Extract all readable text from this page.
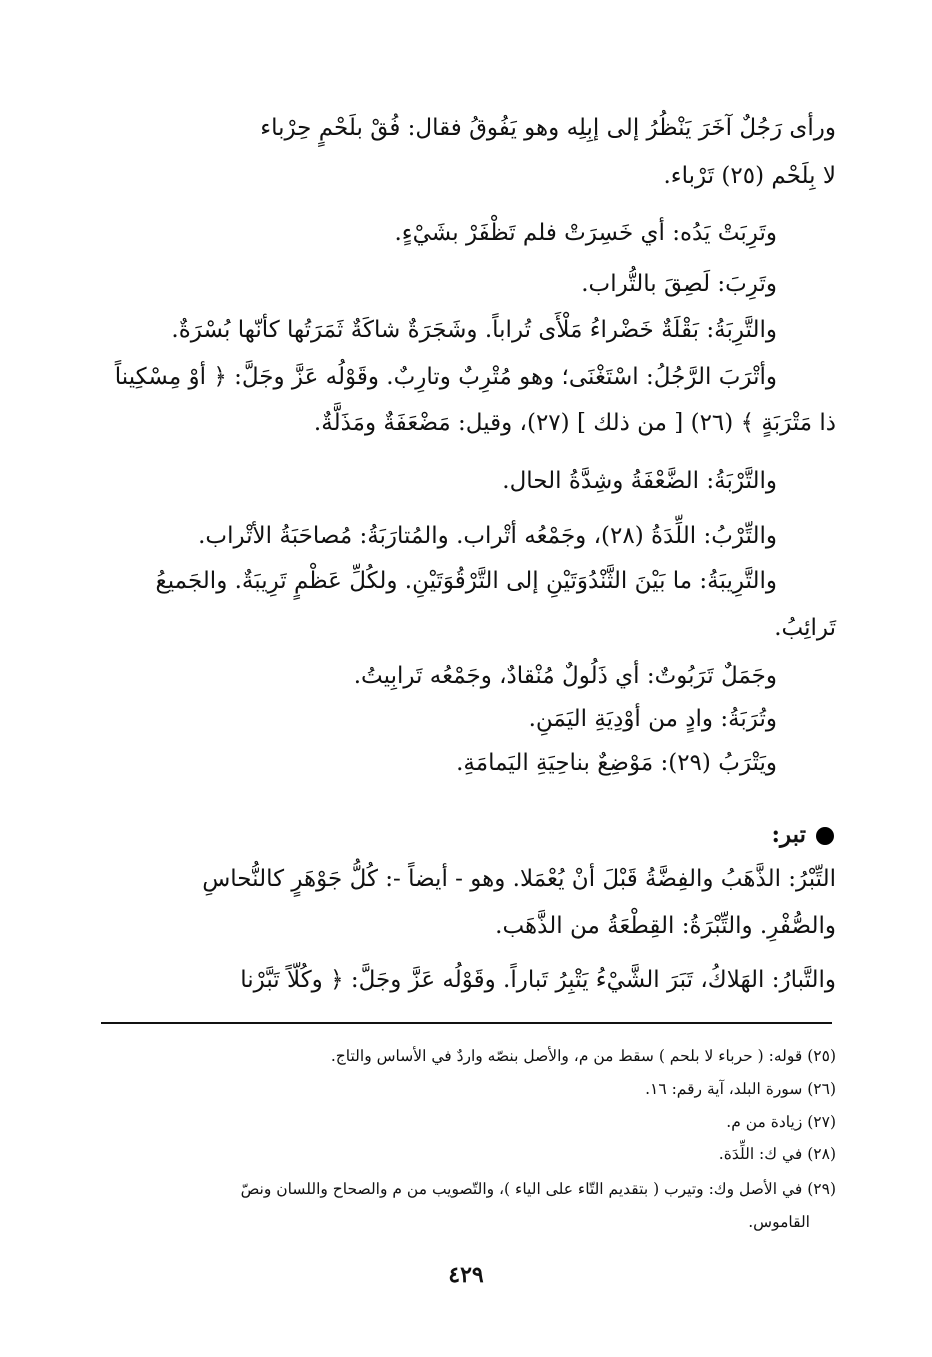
ورأى رَجُلٌ آخَرَ يَنْظُرُ إلى إبِلِه وهو يَفُوقُ فقال: فُقْ بلَحْمٍ حِرْباء
لا بِلَحْم (٢٥) تَرْباء.
وتَرِبَتْ يَدُه: أي خَسِرَتْ فلم تَظْفَرْ بشَيْءٍ.
وتَرِبَ: لَصِقَ بالتُّراب.
والتَّرِبَةُ: بَقْلَةٌ خَضْراءُ مَلْأَى تُراباً. وشَجَرَةٌ شاكَةٌ ثَمَرَتُها كأنّها بُسْرَةٌ.
وأتْرَبَ الرَّجُلُ: اسْتَغْنَى؛ وهو مُتْرِبٌ وتارِبٌ. وقَوْلُه عَزَّ وجَلَّ: ﴿ أوْ مِسْكِيناً
ذا مَتْرَبَةٍ ﴾ (٢٦) [ من ذلك ] (٢٧)، وقيل: مَضْعَفَةٌ ومَذَلَّةٌ.
والتَّرْبَةُ: الضَّعْفَةُ وشِدَّةُ الحال.
والتِّرْبُ: اللِّدَةُ (٢٨)، وجَمْعُه أتْراب. والمُتارَبَةُ: مُصاحَبَةُ الأتْراب.
والتَّرِيبَةُ: ما بَيْنَ الثَّنْدُوَتَيْنِ إلى التَّرْقُوَتَيْنِ. ولكُلِّ عَظْمٍ تَرِيبَةٌ. والجَميعُ
تَرائِبُ.
وجَمَلٌ تَرَبُوتٌ: أي ذَلُولٌ مُنْقادٌ، وجَمْعُه تَرابِيتُ.
وتُرَبَةُ: وادٍ من أوْدِيَةِ اليَمَنِ.
ويَتْرَبُ (٢٩): مَوْضِعٌ بناحِيَةِ اليَمامَةِ.
تبر:
التِّبْرُ: الذَّهَبُ والفِضَّةُ قَبْلَ أنْ يُعْمَلا. وهو - أيضاً -: كُلُّ جَوْهَرٍ كالنُّحاسِ
والصُّفْرِ. والتِّبْرَةُ: القِطْعَةُ من الذَّهَب.
والتَّبارُ: الهَلاكُ، تَبَرَ الشَّيْءُ يَتْبِرُ تَباراً. وقَوْلُه عَزَّ وجَلَّ: ﴿ وكُلّاً تَبَّرْنا
(٢٥) قوله: ( حرباء لا بلحم ) سقط من م، والأصل بنصّه واردٌ في الأساس والتاج.
(٢٦) سورة البلد، آية رقم: ١٦.
(٢٧) زيادة من م.
(٢٨) في ك: اللِّدَة.
(٢٩) في الأصل وك: وتيرب ( بتقديم التّاء على الياء )، والتّصويب من م والصحاح واللسان ونصّ
القاموس.
٤٢٩
